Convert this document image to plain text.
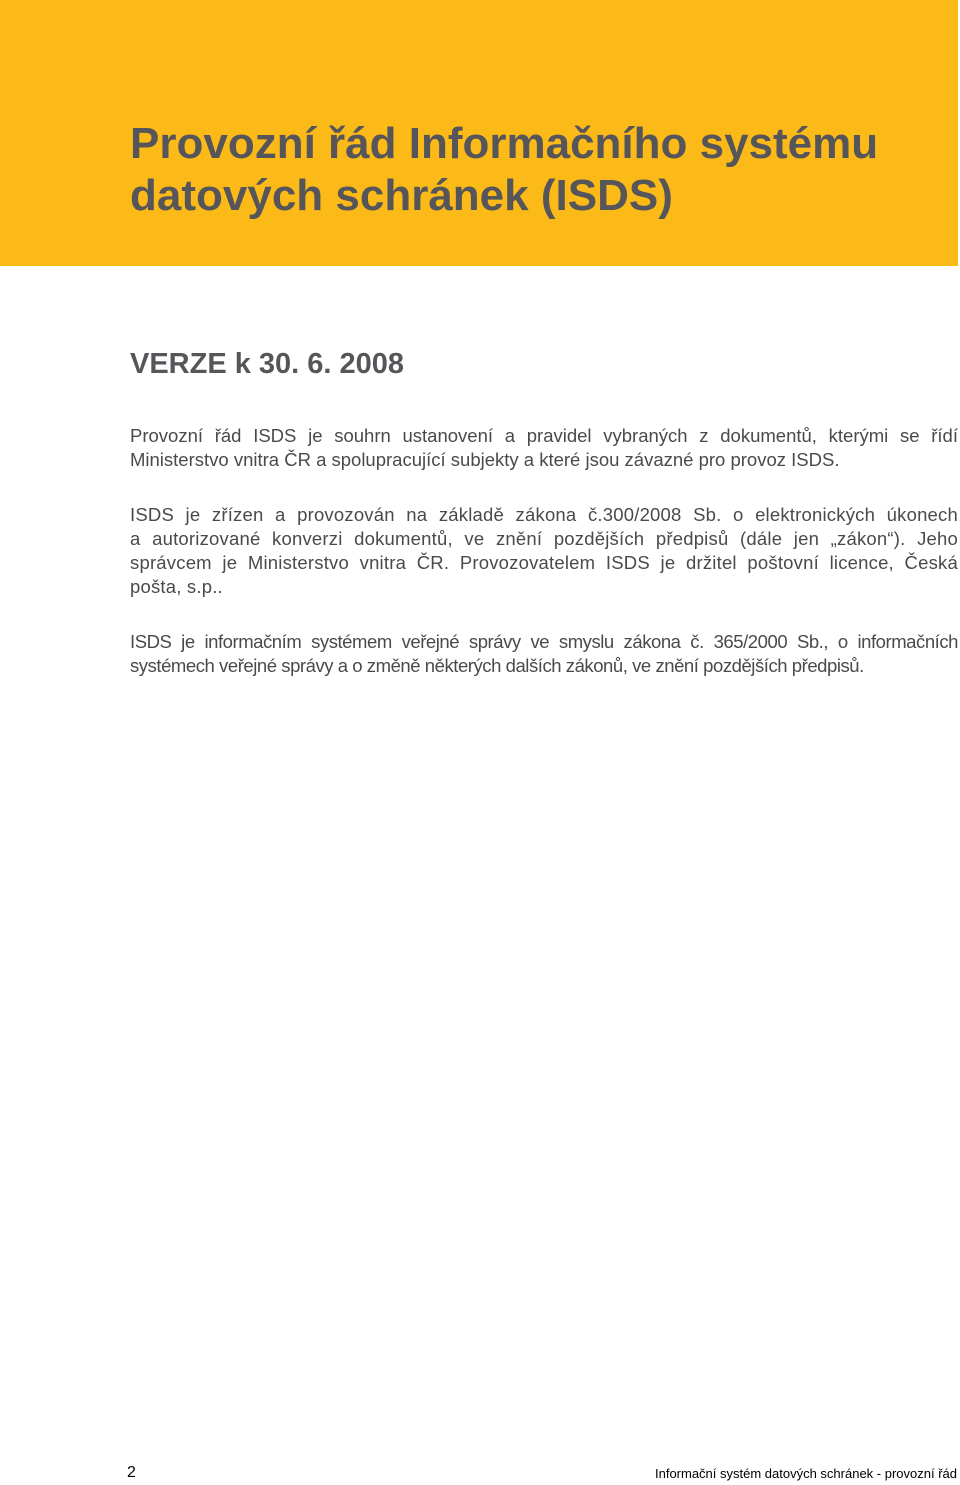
Provozní řád Informačního systému
datových schránek (ISDS)
VERZE k 30. 6. 2008

Provozní řád ISDS je souhrn ustanovení a pravidel vybraných z dokumentů, kterými se řídí
Ministerstvo vnitra ČR a spolupracující subjekty a které jsou závazné pro provoz ISDS.

ISDS je zřízen a provozován na základě zákona č.300/2008 Sb. o elektronických úkonech
a autorizované konverzi dokumentů, ve znění pozdějších předpisů (dále jen „zákon“). Jeho
správcem je Ministerstvo vnitra ČR. Provozovatelem ISDS je držitel poštovní licence, Česká
pošta, s.p..

ISDS je informačním systémem veřejné správy ve smyslu zákona č. 365/2000 Sb., o informačních
systémech veřejné správy a o změně některých dalších zákonů, ve znění pozdějších předpisů.

2	Informační systém datových schránek - provozní řád
